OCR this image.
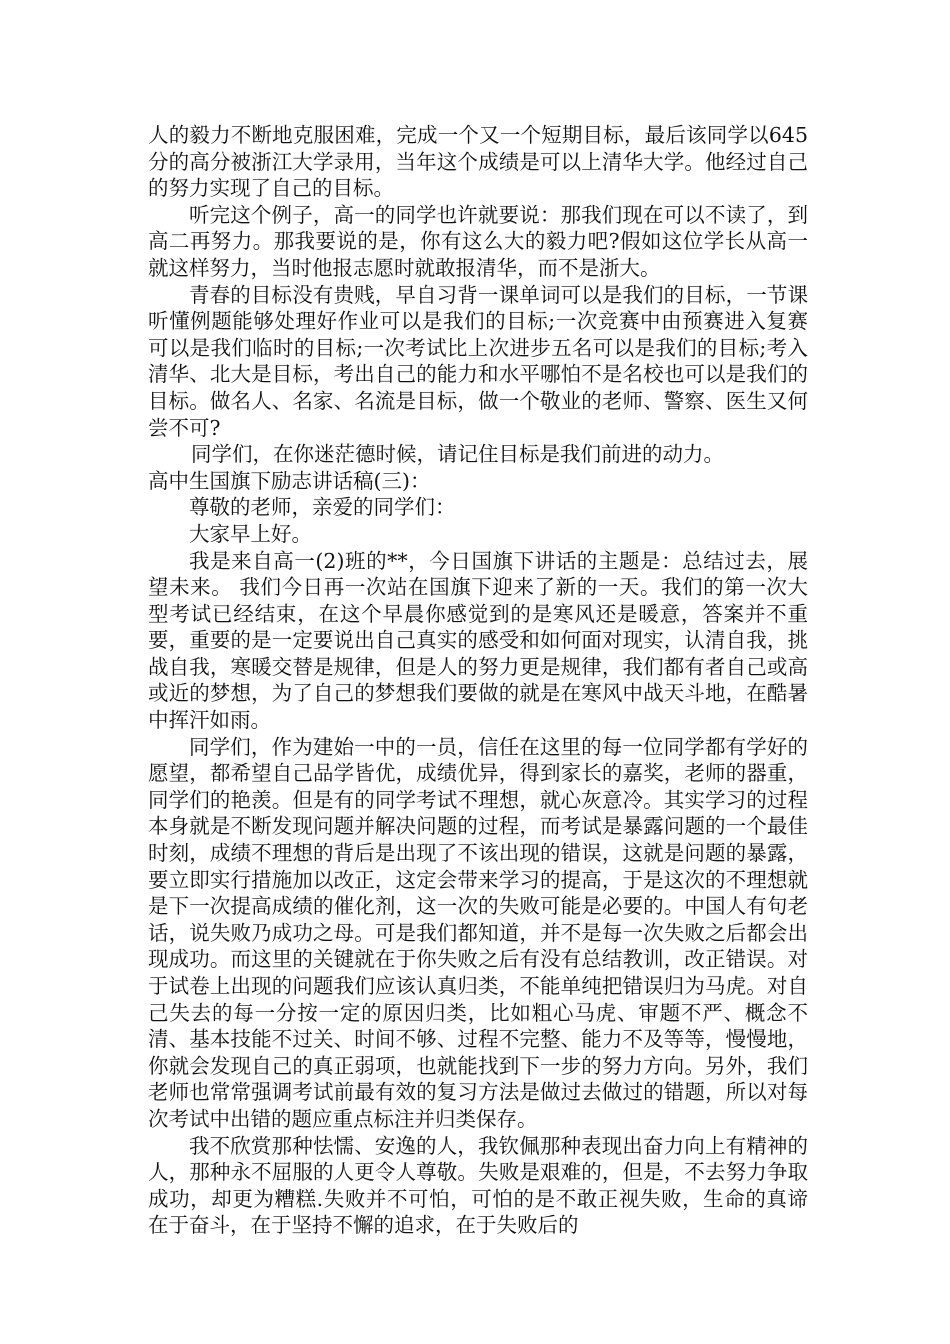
人的毅力不断地克服困难，完成一个又一个短期目标，最后该同学以645分的高分被浙江大学录用，当年这个成绩是可以上清华大学。他经过自己的努力实现了自己的目标。

听完这个例子，高一的同学也许就要说：那我们现在可以不读了，到高二再努力。那我要说的是，你有这么大的毅力吧?假如这位学长从高一就这样努力，当时他报志愿时就敢报清华，而不是浙大。

青春的目标没有贵贱，早自习背一课单词可以是我们的目标，一节课听懂例题能够处理好作业可以是我们的目标;一次竞赛中由预赛进入复赛可以是我们临时的目标;一次考试比上次进步五名可以是我们的目标;考入清华、北大是目标，考出自己的能力和水平哪怕不是名校也可以是我们的目标。做名人、名家、名流是目标，做一个敬业的老师、警察、医生又何尝不可?

同学们，在你迷茫德时候，请记住目标是我们前进的动力。

高中生国旗下励志讲话稿(三)：

尊敬的老师，亲爱的同学们：

大家早上好。

我是来自高一(2)班的**，今日国旗下讲话的主题是：总结过去，展望未来。 我们今日再一次站在国旗下迎来了新的一天。我们的第一次大型考试已经结束，在这个早晨你感觉到的是寒风还是暖意，答案并不重要，重要的是一定要说出自己真实的感受和如何面对现实，认清自我，挑战自我，寒暖交替是规律，但是人的努力更是规律，我们都有者自己或高或近的梦想，为了自己的梦想我们要做的就是在寒风中战天斗地，在酷暑中挥汗如雨。

同学们，作为建始一中的一员，信任在这里的每一位同学都有学好的愿望，都希望自己品学皆优，成绩优异，得到家长的嘉奖，老师的器重，同学们的艳羡。但是有的同学考试不理想，就心灰意冷。其实学习的过程本身就是不断发现问题并解决问题的过程，而考试是暴露问题的一个最佳时刻，成绩不理想的背后是出现了不该出现的错误，这就是问题的暴露，要立即实行措施加以改正，这定会带来学习的提高，于是这次的不理想就是下一次提高成绩的催化剂，这一次的失败可能是必要的。中国人有句老话，说失败乃成功之母。可是我们都知道，并不是每一次失败之后都会出现成功。而这里的关键就在于你失败之后有没有总结教训，改正错误。对于试卷上出现的问题我们应该认真归类，不能单纯把错误归为马虎。对自己失去的每一分按一定的原因归类，比如粗心马虎、审题不严、概念不清、基本技能不过关、时间不够、过程不完整、能力不及等等，慢慢地，你就会发现自己的真正弱项，也就能找到下一步的努力方向。另外，我们老师也常常强调考试前最有效的复习方法是做过去做过的错题，所以对每次考试中出错的题应重点标注并归类保存。

我不欣赏那种怯懦、安逸的人，我钦佩那种表现出奋力向上有精神的人，那种永不屈服的人更令人尊敬。失败是艰难的，但是，不去努力争取成功，却更为糟糕.失败并不可怕，可怕的是不敢正视失败，生命的真谛在于奋斗，在于坚持不懈的追求，在于失败后的
